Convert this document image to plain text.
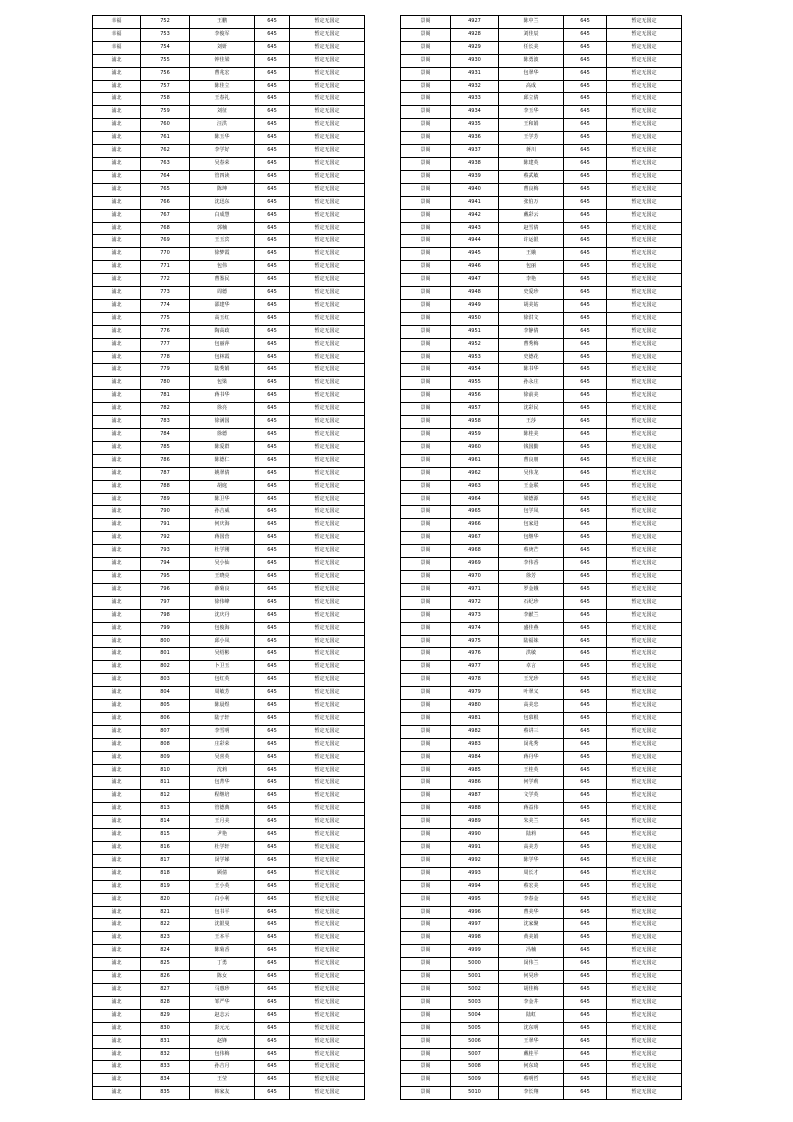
幸福	752	王鹏	645	暂定无国定
幸福	753	李俊军	645	暂定无国定
幸福	754	刘妍	645	暂定无国定
浦北	755	钟佳梁	645	暂定无国定
浦北	756	曹兆宏	645	暂定无国定
浦北	757	陈佳立	645	暂定无国定
浦北	758	王春礼	645	暂定无国定
浦北	759	刘征	645	暂定无国定
浦北	760	汪洪	645	暂定无国定
浦北	761	陈玉华	645	暂定无国定
浦北	762	李学好	645	暂定无国定
浦北	763	吴春荣	645	暂定无国定
浦北	764	管四读	645	暂定无国定
浦北	765	陈坤	645	暂定无国定
浦北	766	沈迅东	645	暂定无国定
浦北	767	白成慧	645	暂定无国定
浦北	768	郭楠	645	暂定无国定
浦北	769	王玉宾	645	暂定无国定
浦北	770	徐梦霞	645	暂定无国定
浦北	771	包伟	645	暂定无国定
浦北	772	曹鉴民	645	暂定无国定
浦北	773	周德	645	暂定无国定
浦北	774	邵建华	645	暂定无国定
浦北	775	高玉红	645	暂定无国定
浦北	776	陶高政	645	暂定无国定
浦北	777	包丽萍	645	暂定无国定
浦北	778	包林霞	645	暂定无国定
浦北	779	陆秀娟	645	暂定无国定
浦北	780	包梁	645	暂定无国定
浦北	781	蒋书华	645	暂定无国定
浦北	782	徐亮	645	暂定无国定
浦北	783	徐满国	645	暂定无国定
浦北	784	徐德	645	暂定无国定
浦北	785	陈爱群	645	暂定无国定
浦北	786	陈德仁	645	暂定无国定
浦北	787	姚翠倩	645	暂定无国定
浦北	788	胡庭	645	暂定无国定
浦北	789	陈卫华	645	暂定无国定
浦北	790	孙吉威	645	暂定无国定
浦北	791	何庆海	645	暂定无国定
浦北	792	蒋国营	645	暂定无国定
浦北	793	杜学刚	645	暂定无国定
浦北	794	吴小仙	645	暂定无国定
浦北	795	王晓亮	645	暂定无国定
浦北	796	薛菊良	645	暂定无国定
浦北	797	徐伟峰	645	暂定无国定
浦北	798	沈庆丹	645	暂定无国定
浦北	799	包俊海	645	暂定无国定
浦北	800	邱小凤	645	暂定无国定
浦北	801	吴绍彬	645	暂定无国定
浦北	802	卜卫玉	645	暂定无国定
浦北	803	包红英	645	暂定无国定
浦北	804	周敏芳	645	暂定无国定
浦北	805	陈晨煜	645	暂定无国定
浦北	806	陆子轩	645	暂定无国定
浦北	807	李雪明	645	暂定无国定
浦北	808	庄彩荣	645	暂定无国定
浦北	809	吴喜英	645	暂定无国定
浦北	810	沈莉	645	暂定无国定
浦北	811	包菁华	645	暂定无国定
浦北	812	程继培	645	暂定无国定
浦北	813	管德典	645	暂定无国定
浦北	814	王月美	645	暂定无国定
浦北	815	尹艳	645	暂定无国定
浦北	816	杜学轩	645	暂定无国定
浦北	817	闵学娣	645	暂定无国定
浦北	818	顾倩	645	暂定无国定
浦北	819	王小英	645	暂定无国定
浦北	820	白小利	645	暂定无国定
浦北	821	包书平	645	暂定无国定
浦北	822	沈银曼	645	暂定无国定
浦北	823	王本平	645	暂定无国定
浦北	824	陈菊香	645	暂定无国定
浦北	825	丁勇	645	暂定无国定
浦北	826	陈女	645	暂定无国定
浦北	827	马惠珍	645	暂定无国定
浦北	828	邹严华	645	暂定无国定
浦北	829	赵志云	645	暂定无国定
浦北	830	彭元元	645	暂定无国定
浦北	831	赵锋	645	暂定无国定
浦北	832	包伟梅	645	暂定无国定
浦北	833	孙吉月	645	暂定无国定
浦北	834	王莹	645	暂定无国定
浦北	835	韩家友	645	暂定无国定
景阁	4927	陈中兰	645	暂定无国定
景阁	4928	刘佳辰	645	暂定无国定
景阁	4929	任长美	645	暂定无国定
景阁	4930	陈勇波	645	暂定无国定
景阁	4931	包翠华	645	暂定无国定
景阁	4932	高成	645	暂定无国定
景阁	4933	邱立倩	645	暂定无国定
景阁	4934	李玉华	645	暂定无国定
景阁	4935	王和娟	645	暂定无国定
景阁	4936	王学芳	645	暂定无国定
景阁	4937	蒋川	645	暂定无国定
景阁	4938	陈建英	645	暂定无国定
景阁	4939	蔡武敏	645	暂定无国定
景阁	4940	曹良梅	645	暂定无国定
景阁	4941	张伯万	645	暂定无国定
景阁	4942	戴彩云	645	暂定无国定
景阁	4943	赵雪倩	645	暂定无国定
景阁	4944	许运银	645	暂定无国定
景阁	4945	王娥	645	暂定无国定
景阁	4946	包丽	645	暂定无国定
景阁	4947	李艳	645	暂定无国定
景阁	4948	史爱珍	645	暂定无国定
景阁	4949	胡美姑	645	暂定无国定
景阁	4950	徐洪文	645	暂定无国定
景阁	4951	李静倩	645	暂定无国定
景阁	4952	曹秀梅	645	暂定无国定
景阁	4953	史德花	645	暂定无国定
景阁	4954	陈书华	645	暂定无国定
景阁	4955	孙永庄	645	暂定无国定
景阁	4956	徐前美	645	暂定无国定
景阁	4957	沈彩民	645	暂定无国定
景阁	4958	王莎	645	暂定无国定
景阁	4959	陈桂美	645	暂定无国定
景阁	4960	钱国勤	645	暂定无国定
景阁	4961	曹良朋	645	暂定无国定
景阁	4962	吴伟龙	645	暂定无国定
景阁	4963	王金联	645	暂定无国定
景阁	4964	梁德源	645	暂定无国定
景阁	4965	包学凤	645	暂定无国定
景阁	4966	包家进	645	暂定无国定
景阁	4967	包继华	645	暂定无国定
景阁	4968	蔡庚芒	645	暂定无国定
景阁	4969	李伟香	645	暂定无国定
景阁	4970	徐芳	645	暂定无国定
景阁	4971	罗金娥	645	暂定无国定
景阁	4972	石纪珍	645	暂定无国定
景阁	4973	李献兰	645	暂定无国定
景阁	4974	盛佳燕	645	暂定无国定
景阁	4975	陆福妹	645	暂定无国定
景阁	4976	洪敏	645	暂定无国定
景阁	4977	卓言	645	暂定无国定
景阁	4978	王光珍	645	暂定无国定
景阁	4979	叶翠义	645	暂定无国定
景阁	4980	高美忠	645	暂定无国定
景阁	4981	包慕根	645	暂定无国定
景阁	4982	蔡讲三	645	暂定无国定
景阁	4983	闵兆秀	645	暂定无国定
景阁	4984	蒋丹华	645	暂定无国定
景阁	4985	王桂英	645	暂定无国定
景阁	4986	何学莉	645	暂定无国定
景阁	4987	文学英	645	暂定无国定
景阁	4988	蒋益伟	645	暂定无国定
景阁	4989	朱美兰	645	暂定无国定
景阁	4990	陆莉	645	暂定无国定
景阁	4991	高美芳	645	暂定无国定
景阁	4992	陈学华	645	暂定无国定
景阁	4993	周长才	645	暂定无国定
景阁	4994	蔡宏美	645	暂定无国定
景阁	4995	李春金	645	暂定无国定
景阁	4996	曹美华	645	暂定无国定
景阁	4997	沈家聚	645	暂定无国定
景阁	4998	黄美娟	645	暂定无国定
景阁	4999	冯楠	645	暂定无国定
景阁	5000	闵伟兰	645	暂定无国定
景阁	5001	何昊珍	645	暂定无国定
景阁	5002	胡佳梅	645	暂定无国定
景阁	5003	李金井	645	暂定无国定
景阁	5004	陆虹	645	暂定无国定
景阁	5005	沈东明	645	暂定无国定
景阁	5006	王翠华	645	暂定无国定
景阁	5007	戴桂平	645	暂定无国定
景阁	5008	何东琦	645	暂定无国定
景阁	5009	蔡明哲	645	暂定无国定
景阁	5010	李长翔	645	暂定无国定
